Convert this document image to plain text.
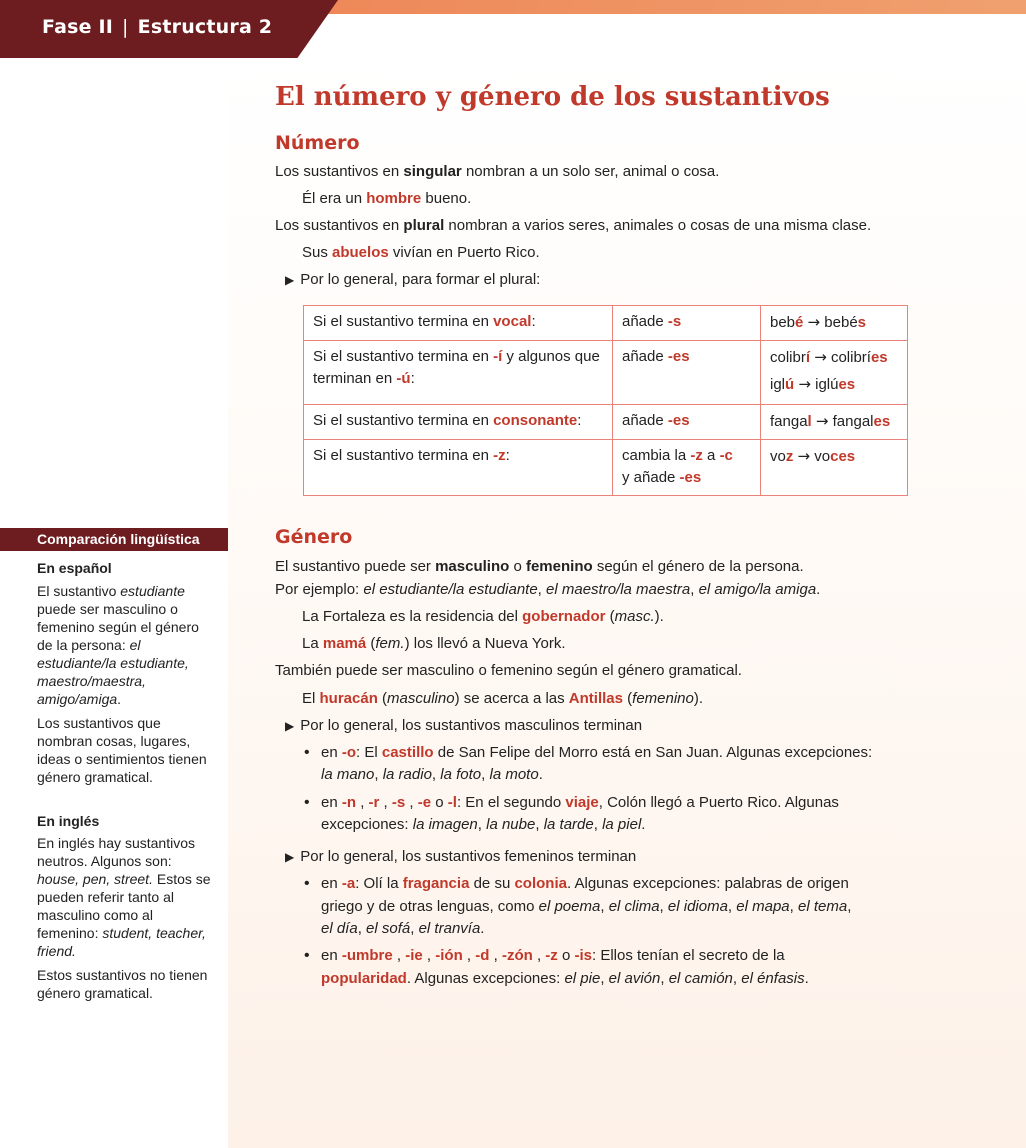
Fase II | Estructura 2
El número y género de los sustantivos
Número
Los sustantivos en singular nombran a un solo ser, animal o cosa.
Él era un hombre bueno.
Los sustantivos en plural nombran a varios seres, animales o cosas de una misma clase.
Sus abuelos vivían en Puerto Rico.
▶ Por lo general, para formar el plural:
Si el sustantivo termina en vocal:	añade -s	bebé → bebés
Si el sustantivo termina en -í y algunos que terminan en -ú:	añade -es	colibrí → colibríes
iglú → iglúes

Si el sustantivo termina en consonante:	añade -es	fangal → fangales
Si el sustantivo termina en -z:	cambia la -z a -c
y añade -es	voz → voces
Género
El sustantivo puede ser masculino o femenino según el género de la persona.
Por ejemplo: el estudiante/la estudiante, el maestro/la maestra, el amigo/la amiga.
La Fortaleza es la residencia del gobernador (masc.).
La mamá (fem.) los llevó a Nueva York.
También puede ser masculino o femenino según el género gramatical.
El huracán (masculino) se acerca a las Antillas (femenino).
▶ Por lo general, los sustantivos masculinos terminan
• en -o: El castillo de San Felipe del Morro está en San Juan. Algunas excepciones:
la mano, la radio, la foto, la moto.
• en -n , -r , -s , -e o -l: En el segundo viaje, Colón llegó a Puerto Rico. Algunas
excepciones: la imagen, la nube, la tarde, la piel.
▶ Por lo general, los sustantivos femeninos terminan
• en -a: Olí la fragancia de su colonia. Algunas excepciones: palabras de origen
griego y de otras lenguas, como el poema, el clima, el idioma, el mapa, el tema,
el día, el sofá, el tranvía.
• en -umbre , -ie , -ión , -d , -zón , -z o -is: Ellos tenían el secreto de la
popularidad. Algunas excepciones: el pie, el avión, el camión, el énfasis.
Comparación lingüística
En español
El sustantivo estudiante puede ser masculino o femenino según el género de la persona: el estudiante/la estudiante, maestro/maestra, amigo/amiga.
Los sustantivos que nombran cosas, lugares, ideas o sentimientos tienen género gramatical.
En inglés
En inglés hay sustantivos neutros. Algunos son: house, pen, street. Estos se pueden referir tanto al masculino como al femenino: student, teacher, friend.
Estos sustantivos no tienen género gramatical.
